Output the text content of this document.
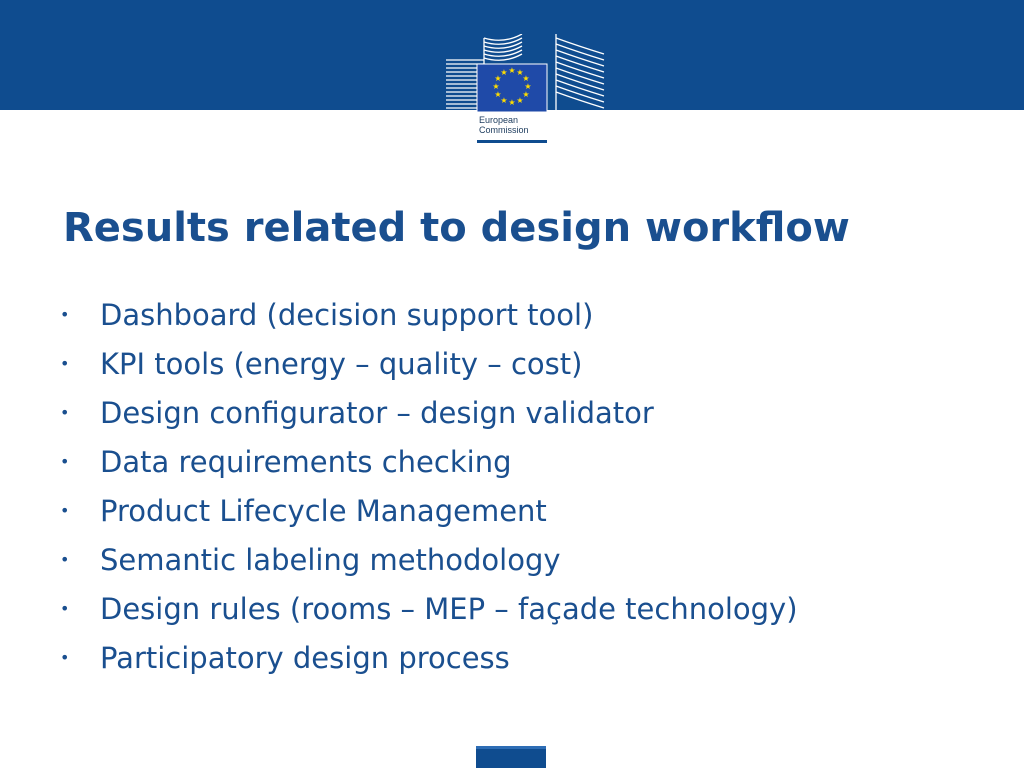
★ ★
★
★
★
★
★
★
★
★
★
★
European
Commission
Results related to design workflow
•	Dashboard (decision support tool)
•	KPI tools (energy – quality – cost)
•	Design configurator – design validator
•	Data requirements checking
•	Product Lifecycle Management
•	Semantic labeling methodology
•	Design rules (rooms – MEP – façade technology)
•	Participatory design process
